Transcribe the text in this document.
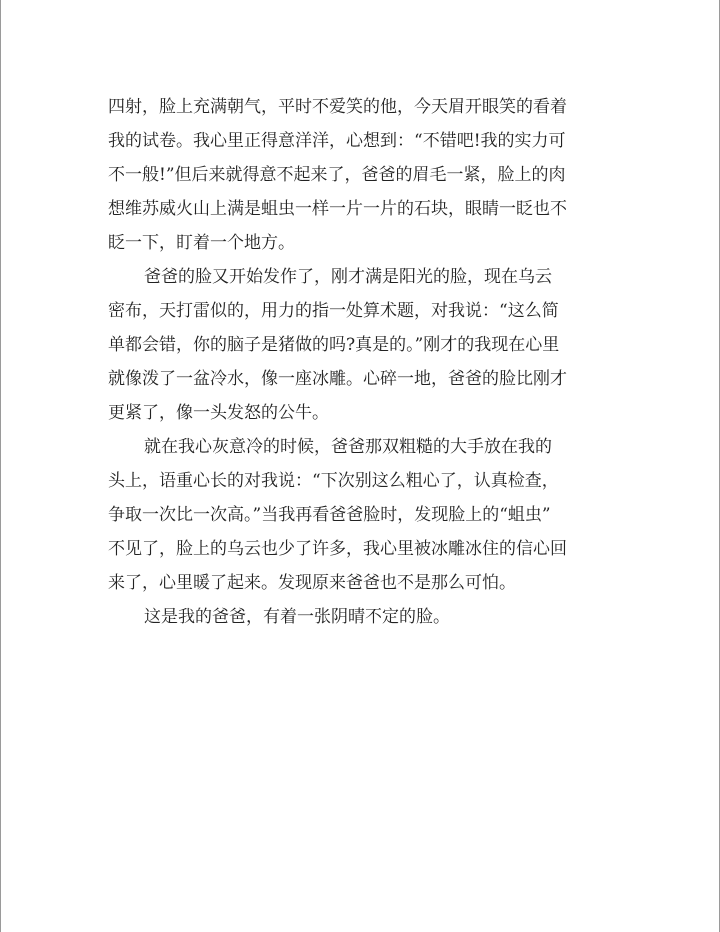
四射，脸上充满朝气，平时不爱笑的他，今天眉开眼笑的看着
我的试卷。我心里正得意洋洋，心想到：“不错吧!我的实力可
不一般!”但后来就得意不起来了，爸爸的眉毛一紧，脸上的肉
想维苏威火山上满是蛆虫一样一片一片的石块，眼睛一眨也不
眨一下，盯着一个地方。
爸爸的脸又开始发作了，刚才满是阳光的脸，现在乌云
密布，天打雷似的，用力的指一处算术题，对我说：“这么简
单都会错，你的脑子是猪做的吗?真是的。”刚才的我现在心里
就像泼了一盆冷水，像一座冰雕。心碎一地，爸爸的脸比刚才
更紧了，像一头发怒的公牛。
就在我心灰意冷的时候，爸爸那双粗糙的大手放在我的
头上，语重心长的对我说：“下次别这么粗心了，认真检查，
争取一次比一次高。”当我再看爸爸脸时，发现脸上的“蛆虫”
不见了，脸上的乌云也少了许多，我心里被冰雕冰住的信心回
来了，心里暖了起来。发现原来爸爸也不是那么可怕。
这是我的爸爸，有着一张阴晴不定的脸。
